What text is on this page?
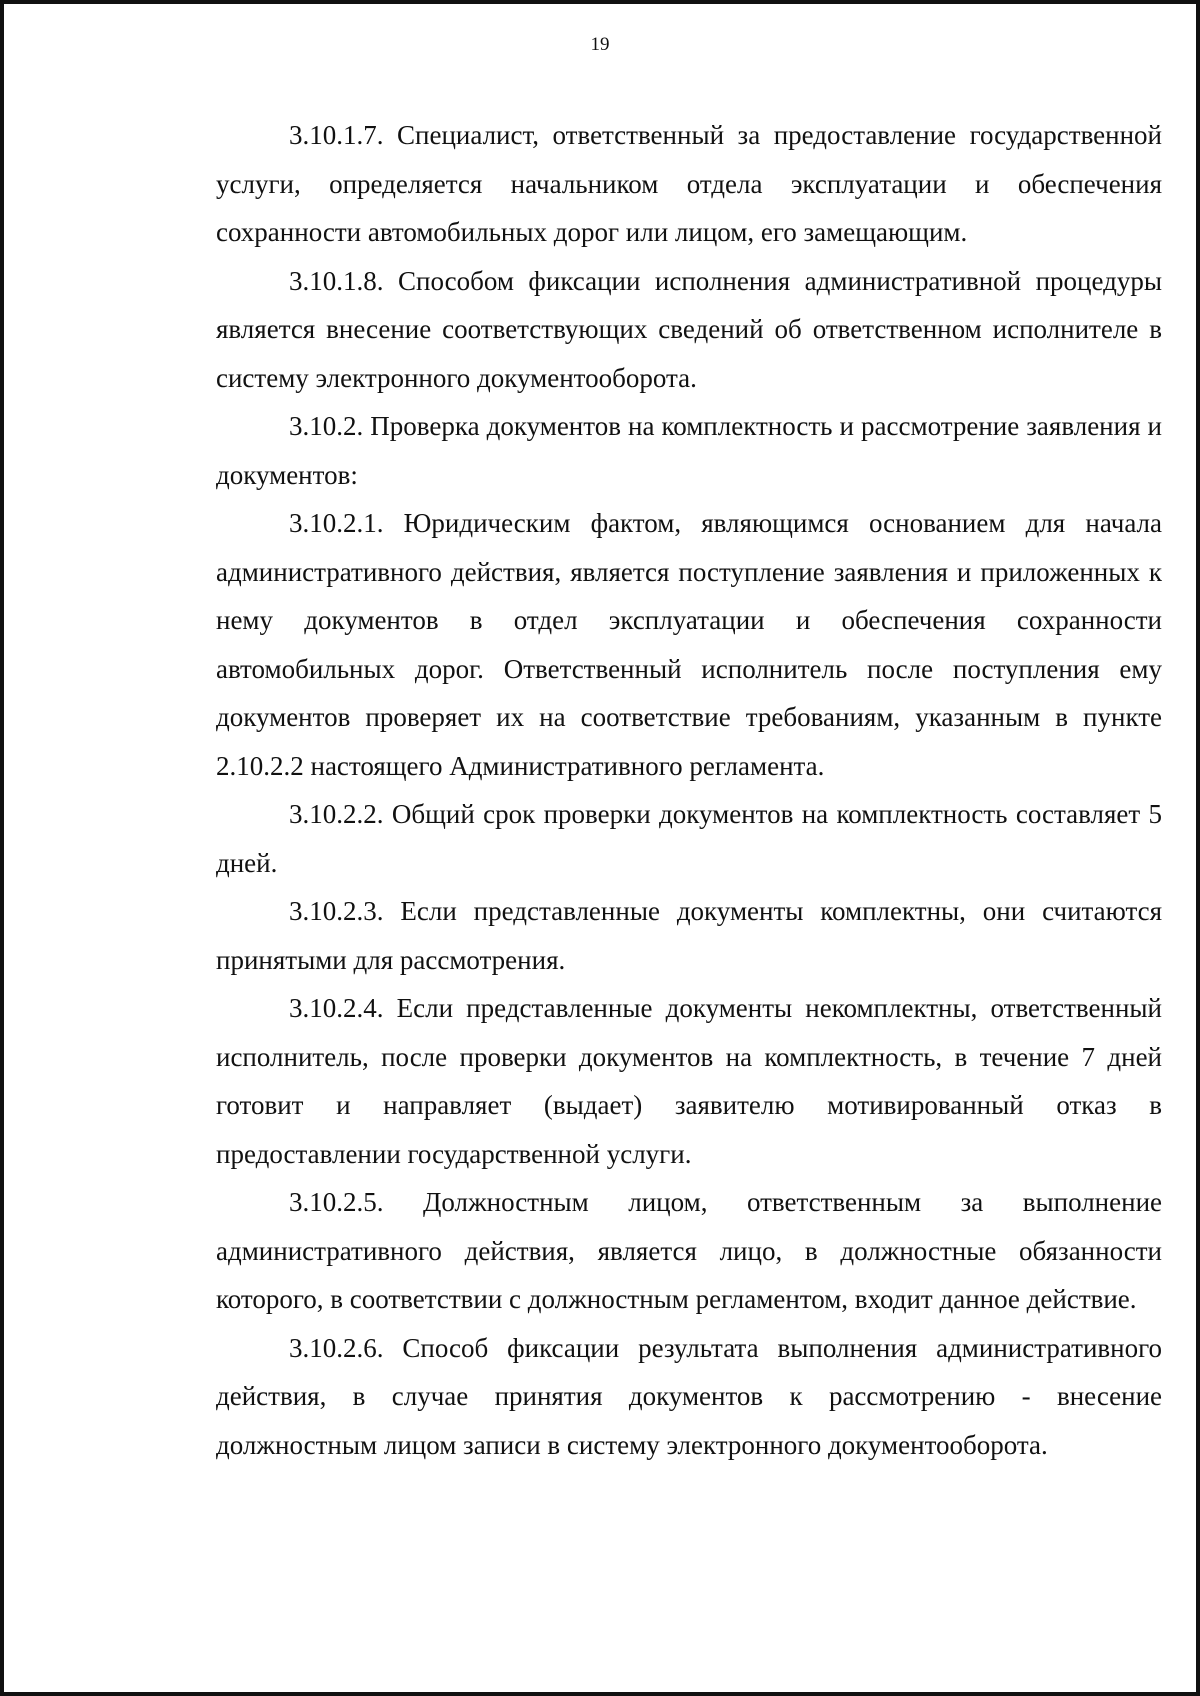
19

3.10.1.7. Специалист, ответственный за предоставление государственной услуги, определяется начальником отдела эксплуатации и обеспечения сохранности автомобильных дорог или лицом, его замещающим.

3.10.1.8. Способом фиксации исполнения административной процедуры является внесение соответствующих сведений об ответственном исполнителе в систему электронного документооборота.

3.10.2. Проверка документов на комплектность и рассмотрение заявления и документов:

3.10.2.1. Юридическим фактом, являющимся основанием для начала административного действия, является поступление заявления и приложенных к нему документов в отдел эксплуатации и обеспечения сохранности автомобильных дорог. Ответственный исполнитель после поступления ему документов проверяет их на соответствие требованиям, указанным в пункте 2.10.2.2 настоящего Административного регламента.

3.10.2.2. Общий срок проверки документов на комплектность составляет 5 дней.

3.10.2.3. Если представленные документы комплектны, они считаются принятыми для рассмотрения.

3.10.2.4. Если представленные документы некомплектны, ответственный исполнитель, после проверки документов на комплектность, в течение 7 дней готовит и направляет (выдает) заявителю мотивированный отказ в предоставлении государственной услуги.

3.10.2.5. Должностным лицом, ответственным за выполнение административного действия, является лицо, в должностные обязанности которого, в соответствии с должностным регламентом, входит данное действие.

3.10.2.6. Способ фиксации результата выполнения административного действия, в случае принятия документов к рассмотрению - внесение должностным лицом записи в систему электронного документооборота.
